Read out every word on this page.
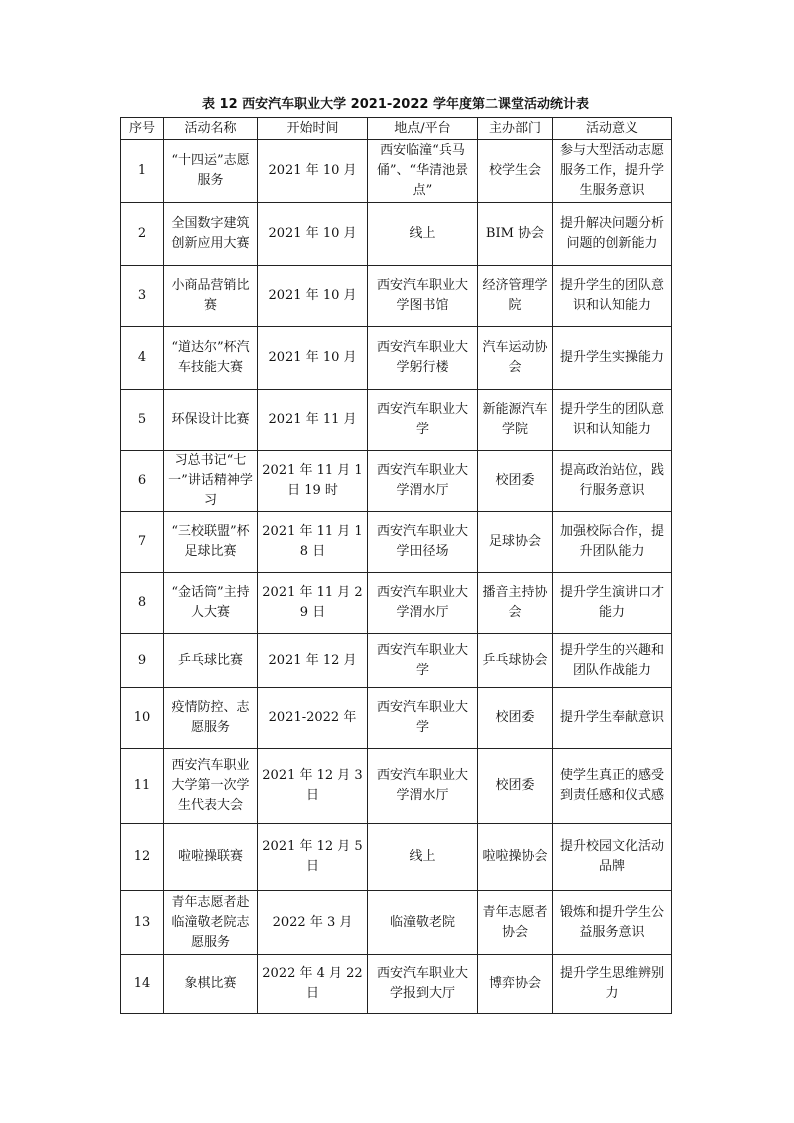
表 12 西安汽车职业大学 2021-2022 学年度第二课堂活动统计表
序号	活动名称	开始时间	地点/平台	主办部门	活动意义
1	“十四运”志愿服务	2021 年 10 月	西安临潼“兵马俑”、“华清池景点”	校学生会	参与大型活动志愿服务工作，提升学生服务意识
2	全国数字建筑创新应用大赛	2021 年 10 月	线上	BIM 协会	提升解决问题分析问题的创新能力
3	小商品营销比赛	2021 年 10 月	西安汽车职业大学图书馆	经济管理学院	提升学生的团队意识和认知能力
4	“道达尔”杯汽车技能大赛	2021 年 10 月	西安汽车职业大学躬行楼	汽车运动协会	提升学生实操能力
5	环保设计比赛	2021 年 11 月	西安汽车职业大学	新能源汽车学院	提升学生的团队意识和认知能力
6	习总书记“七一”讲话精神学习	2021 年 11 月 1 日 19 时	西安汽车职业大学渭水厅	校团委	提高政治站位，践行服务意识
7	“三校联盟”杯足球比赛	2021 年 11 月 18 日	西安汽车职业大学田径场	足球协会	加强校际合作，提升团队能力
8	“金话筒”主持人大赛	2021 年 11 月 29 日	西安汽车职业大学渭水厅	播音主持协会	提升学生演讲口才能力
9	乒乓球比赛	2021 年 12 月	西安汽车职业大学	乒乓球协会	提升学生的兴趣和团队作战能力
10	疫情防控、志愿服务	2021-2022 年	西安汽车职业大学	校团委	提升学生奉献意识
11	西安汽车职业大学第一次学生代表大会	2021 年 12 月 3 日	西安汽车职业大学渭水厅	校团委	使学生真正的感受到责任感和仪式感
12	啦啦操联赛	2021 年 12 月 5 日	线上	啦啦操协会	提升校园文化活动品牌
13	青年志愿者赴临潼敬老院志愿服务	2022 年 3 月	临潼敬老院	青年志愿者协会	锻炼和提升学生公益服务意识
14	象棋比赛	2022 年 4 月 22 日	西安汽车职业大学报到大厅	博弈协会	提升学生思维辨别力
